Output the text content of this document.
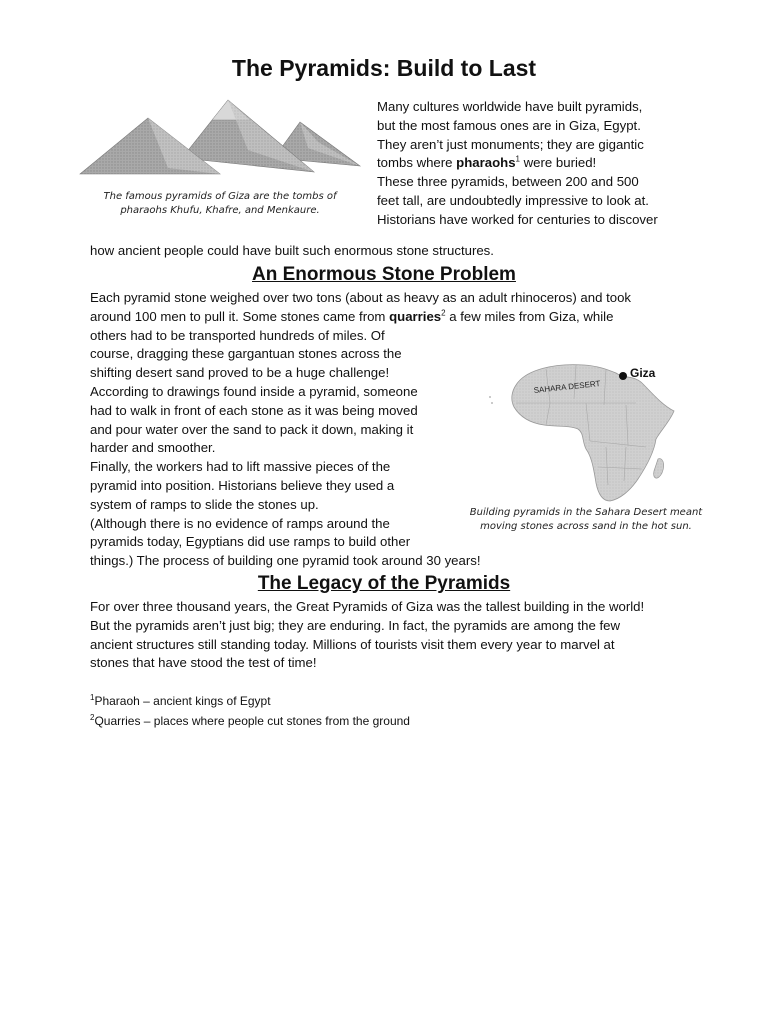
The Pyramids: Build to Last
The famous pyramids of Giza are the tombs of
pharaohs Khufu, Khafre, and Menkaure.
Many cultures worldwide have built pyramids,
but the most famous ones are in Giza, Egypt.
They aren’t just monuments; they are gigantic
tombs where pharaohs$^1$ were buried!
These three pyramids, between 200 and 500
feet tall, are undoubtedly impressive to look at.
Historians have worked for centuries to discover
how ancient people could have built such enormous stone structures.
An Enormous Stone Problem
Each pyramid stone weighed over two tons (about as heavy as an adult rhinoceros) and took
around 100 men to pull it. Some stones came from quarries$^2$ a few miles from Giza, while
others had to be transported hundreds of miles. Of
course, dragging these gargantuan stones across the
shifting desert sand proved to be a huge challenge!
According to drawings found inside a pyramid, someone
had to walk in front of each stone as it was being moved
and pour water over the sand to pack it down, making it
harder and smoother.
Finally, the workers had to lift massive pieces of the
pyramid into position. Historians believe they used a
system of ramps to slide the stones up.
(Although there is no evidence of ramps around the
pyramids today, Egyptians did use ramps to build other
things.) The process of building one pyramid took around 30 years!
Giza
SAHARA DESERT
Building pyramids in the Sahara Desert meant
moving stones across sand in the hot sun.
The Legacy of the Pyramids
For over three thousand years, the Great Pyramids of Giza was the tallest building in the world!
But the pyramids aren’t just big; they are enduring. In fact, the pyramids are among the few
ancient structures still standing today. Millions of tourists visit them every year to marvel at
stones that have stood the test of time!
$^1$Pharaoh – ancient kings of Egypt
$^2$Quarries – places where people cut stones from the ground
